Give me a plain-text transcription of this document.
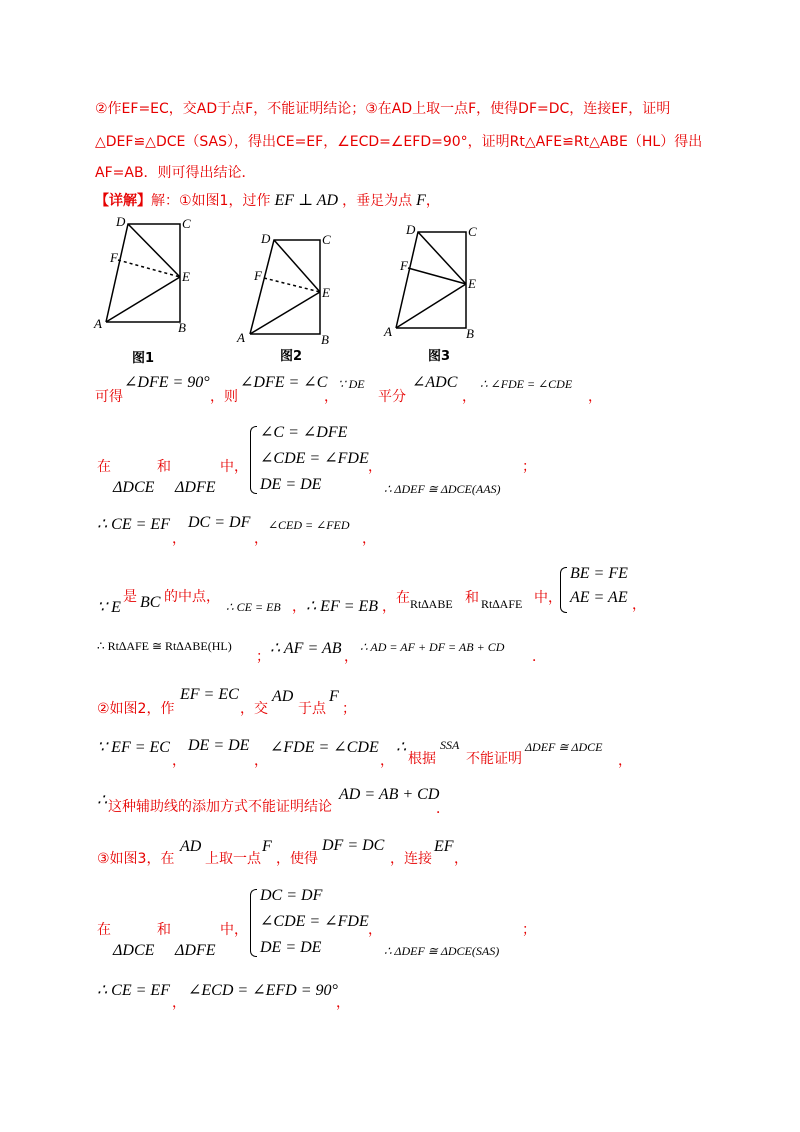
②作EF=EC，交AD于点F，不能证明结论；③在AD上取一点F，使得DF=DC，连接EF，证明
△DEF≌△DCE（SAS），得出CE=EF，∠ECD=∠EFD=90°，证明Rt△AFE≌Rt△ABE（HL）得出
AF=AB．则可得出结论．
【详解】解：①如图1，过作 EF ⊥ AD ，垂足为点 F，
D	C
F
E
A	B
图1
D	C
F
E
A	B
图2
D	C
F
E
A	B
图3
可得
∠DFE = 90°
，则
∠DFE = ∠C
，
∵ DE
平分
∠ADC
，
∴ ∠FDE = ∠CDE
，
在	和	中，
ΔDCE ΔDFE
∠C = ∠DFE
∠CDE = ∠FDE
DE = DE
，	；
∴ ΔDEF ≅ ΔDCE(AAS)
∴ CE = EF
，
DC = DF
，
∠CED = ∠FED
，
∵ E
是 BC 的中点，
∴ CE = EB ， ∴ EF = EB ，
在 Rt∆ABE 和 Rt∆AFE 中，
BE = FE
AE = AE ，
∴ Rt∆AFE ≅ Rt∆ABE(HL)
； ∴ AF = AB ，
∴ AD = AF + DF = AB + CD
．
②如图2，作
EF = EC
，交
AD
于点
F
；
∵ EF = EC
，
DE = DE
，
∠FDE = ∠CDE
，
∴
根据
SSA
不能证明
ΔDEF ≅ ΔDCE
，
∴ 这种辅助线的添加方式不能证明结论
AD = AB + CD
．
③如图3，在
AD
上取一点
F
，使得
DF = DC
，连接
EF
，
在	和	中，
ΔDCE ΔDFE
DC = DF
∠CDE = ∠FDE
DE = DE
，	；
∴ ΔDEF ≅ ΔDCE(SAS)
∴ CE = EF
，
∠ECD = ∠EFD = 90°
，
